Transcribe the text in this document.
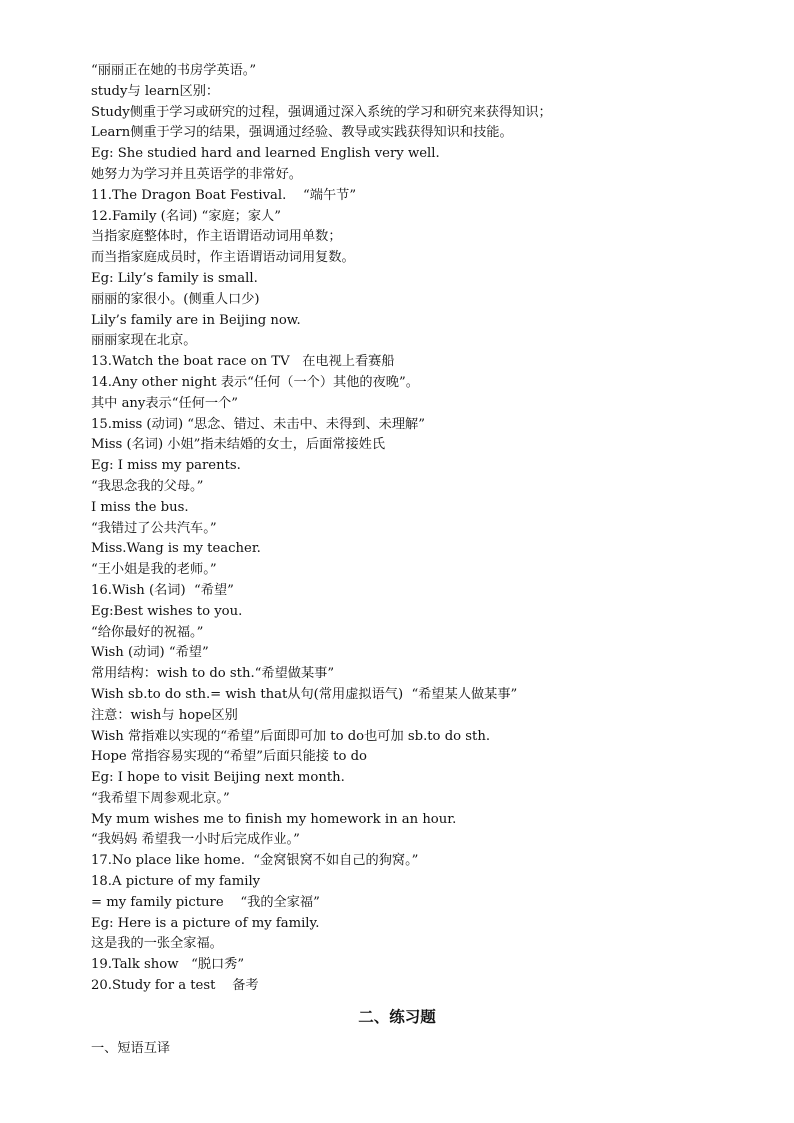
“丽丽正在她的书房学英语。”
study与 learn区别：
Study侧重于学习或研究的过程，强调通过深入系统的学习和研究来获得知识；
Learn侧重于学习的结果，强调通过经验、教导或实践获得知识和技能。
Eg: She studied hard and learned English very well.
她努力为学习并且英语学的非常好。
11.The Dragon Boat Festival.    “端午节”
12.Family (名词) “家庭；家人”
当指家庭整体时，作主语谓语动词用单数；
而当指家庭成员时，作主语谓语动词用复数。
Eg: Lily’s family is small.
丽丽的家很小。(侧重人口少)
Lily’s family are in Beijing now.
丽丽家现在北京。
13.Watch the boat race on TV   在电视上看赛船
14.Any other night 表示“任何（一个）其他的夜晚”。
其中 any表示“任何一个”
15.miss (动词) “思念、错过、未击中、未得到、未理解”
Miss (名词) 小姐”指未结婚的女士，后面常接姓氏
Eg: I miss my parents.
“我思念我的父母。”
I miss the bus.
“我错过了公共汽车。”
Miss.Wang is my teacher.
“王小姐是我的老师。”
16.Wish (名词)  “希望”
Eg:Best wishes to you.
“给你最好的祝福。”
Wish (动词) “希望”
常用结构：wish to do sth.“希望做某事”
Wish sb.to do sth.= wish that从句(常用虚拟语气)  “希望某人做某事”
注意：wish与 hope区别
Wish 常指难以实现的“希望”后面即可加 to do也可加 sb.to do sth.
Hope 常指容易实现的“希望”后面只能接 to do
Eg: I hope to visit Beijing next month.
“我希望下周参观北京。”
My mum wishes me to finish my homework in an hour.
“我妈妈 希望我一小时后完成作业。”
17.No place like home.  “金窝银窝不如自己的狗窝。”
18.A picture of my family
= my family picture    “我的全家福”
Eg: Here is a picture of my family.
这是我的一张全家福。
19.Talk show   “脱口秀”
20.Study for a test    备考
二、练习题
一、短语互译
